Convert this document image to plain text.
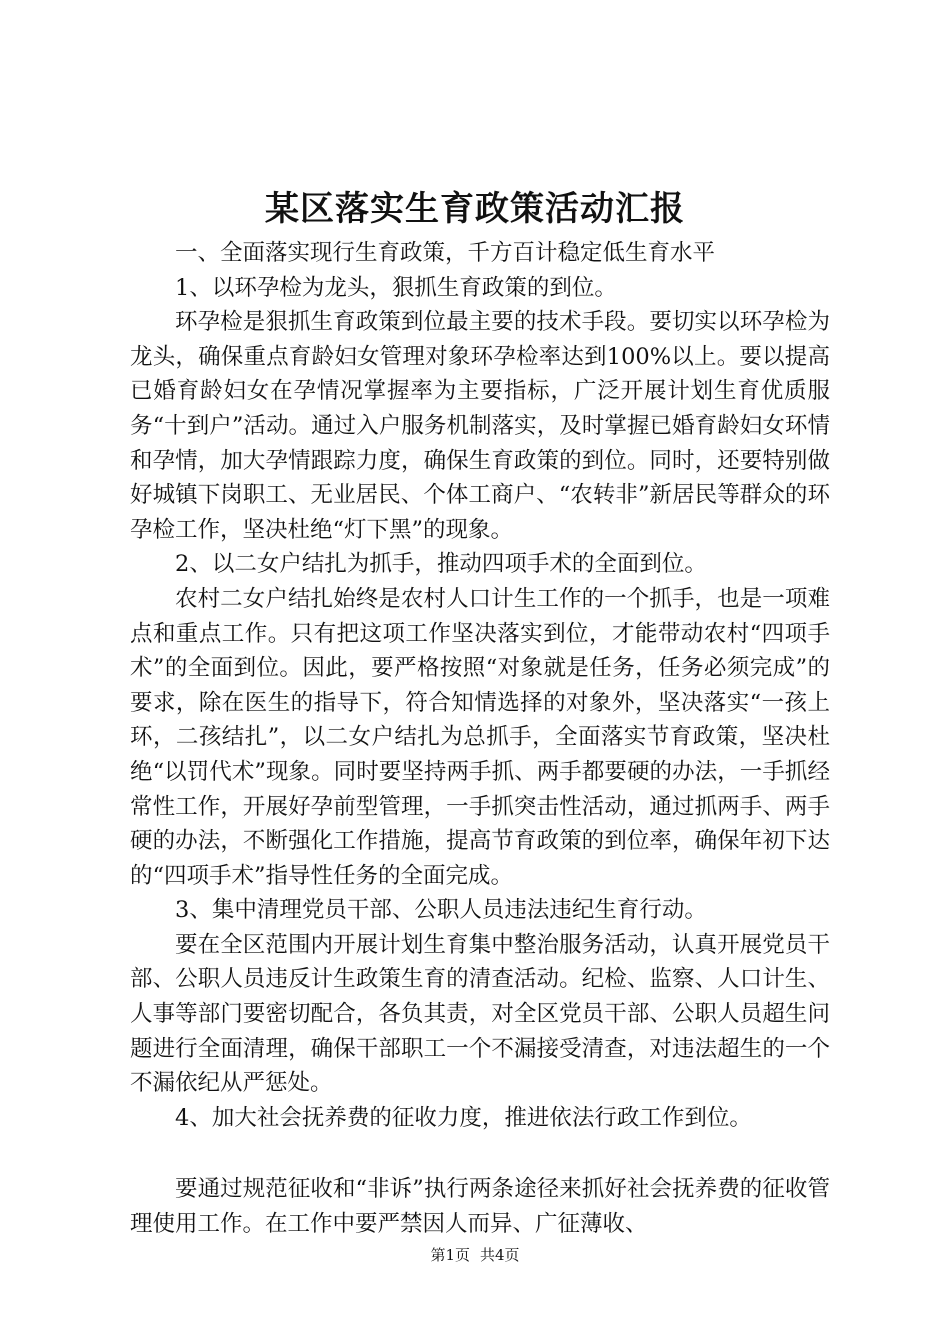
某区落实生育政策活动汇报

一、全面落实现行生育政策，千方百计稳定低生育水平

1、以环孕检为龙头，狠抓生育政策的到位。

环孕检是狠抓生育政策到位最主要的技术手段。要切实以环孕检为龙头，确保重点育龄妇女管理对象环孕检率达到100%以上。要以提高已婚育龄妇女在孕情况掌握率为主要指标，广泛开展计划生育优质服务“十到户”活动。通过入户服务机制落实，及时掌握已婚育龄妇女环情和孕情，加大孕情跟踪力度，确保生育政策的到位。同时，还要特别做好城镇下岗职工、无业居民、个体工商户、“农转非”新居民等群众的环孕检工作，坚决杜绝“灯下黑”的现象。

2、以二女户结扎为抓手，推动四项手术的全面到位。

农村二女户结扎始终是农村人口计生工作的一个抓手，也是一项难点和重点工作。只有把这项工作坚决落实到位，才能带动农村“四项手术”的全面到位。因此，要严格按照“对象就是任务，任务必须完成”的要求，除在医生的指导下，符合知情选择的对象外，坚决落实“一孩上环，二孩结扎”，以二女户结扎为总抓手，全面落实节育政策，坚决杜绝“以罚代术”现象。同时要坚持两手抓、两手都要硬的办法，一手抓经常性工作，开展好孕前型管理，一手抓突击性活动，通过抓两手、两手硬的办法，不断强化工作措施，提高节育政策的到位率，确保年初下达的“四项手术”指导性任务的全面完成。

3、集中清理党员干部、公职人员违法违纪生育行动。

要在全区范围内开展计划生育集中整治服务活动，认真开展党员干部、公职人员违反计生政策生育的清查活动。纪检、监察、人口计生、人事等部门要密切配合，各负其责，对全区党员干部、公职人员超生问题进行全面清理，确保干部职工一个不漏接受清查，对违法超生的一个不漏依纪从严惩处。

4、加大社会抚养费的征收力度，推进依法行政工作到位。

要通过规范征收和“非诉”执行两条途径来抓好社会抚养费的征收管理使用工作。在工作中要严禁因人而异、广征薄收、

第1页 共4页
